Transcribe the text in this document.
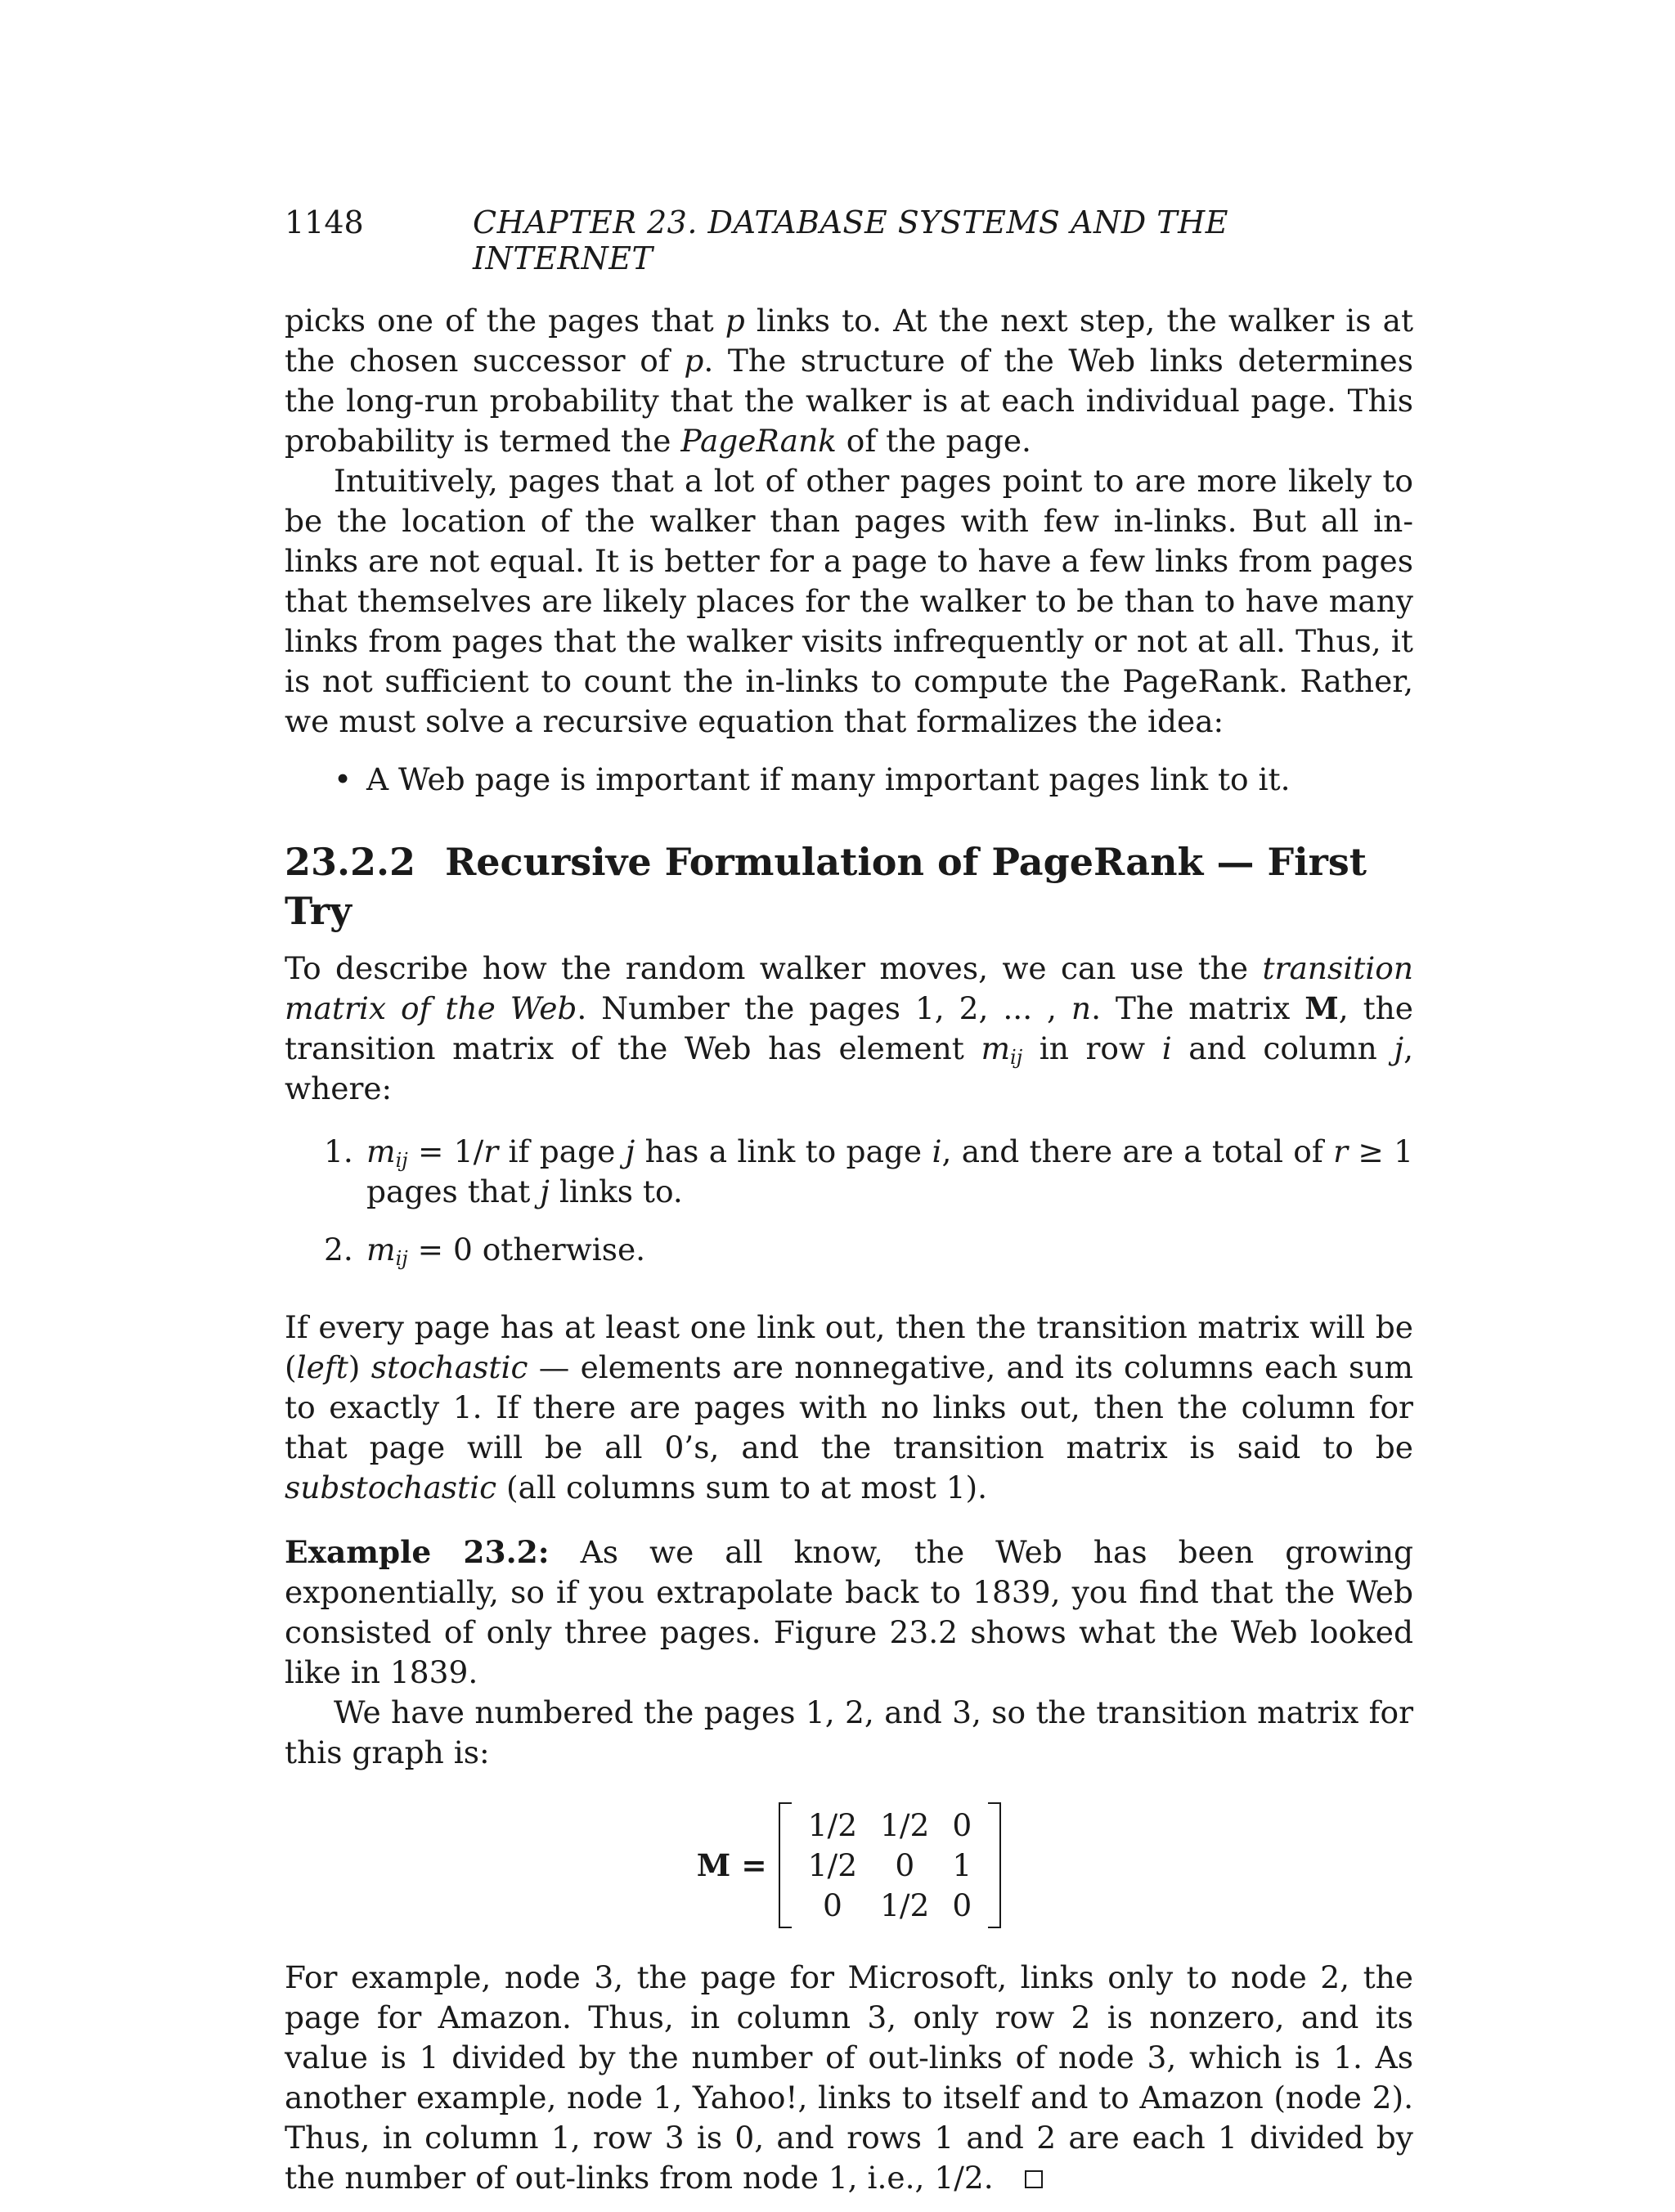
1148	CHAPTER 23. DATABASE SYSTEMS AND THE INTERNET

picks one of the pages that p links to. At the next step, the walker is at the chosen successor of p. The structure of the Web links determines the long-run probability that the walker is at each individual page. This probability is termed the PageRank of the page.

Intuitively, pages that a lot of other pages point to are more likely to be the location of the walker than pages with few in-links. But all in-links are not equal. It is better for a page to have a few links from pages that themselves are likely places for the walker to be than to have many links from pages that the walker visits infrequently or not at all. Thus, it is not sufficient to count the in-links to compute the PageRank. Rather, we must solve a recursive equation that formalizes the idea:

• A Web page is important if many important pages link to it.
23.2.2 Recursive Formulation of PageRank — First Try

To describe how the random walker moves, we can use the transition matrix of the Web. Number the pages 1, 2, ... , n. The matrix M, the transition matrix of the Web has element $m_{ij}$ in row i and column j, where:

1. $m_{ij} = 1/r$ if page j has a link to page i, and there are a total of r ≥ 1 pages that j links to.
2. $m_{ij} = 0$ otherwise.

If every page has at least one link out, then the transition matrix will be (left) stochastic — elements are nonnegative, and its columns each sum to exactly 1. If there are pages with no links out, then the column for that page will be all 0’s, and the transition matrix is said to be substochastic (all columns sum to at most 1).

Example 23.2: As we all know, the Web has been growing exponentially, so if you extrapolate back to 1839, you find that the Web consisted of only three pages. Figure 23.2 shows what the Web looked like in 1839.

We have numbered the pages 1, 2, and 3, so the transition matrix for this graph is:

M =
1/2	1/2	0
1/2	0	1
0	1/2	0

For example, node 3, the page for Microsoft, links only to node 2, the page for Amazon. Thus, in column 3, only row 2 is nonzero, and its value is 1 divided by the number of out-links of node 3, which is 1. As another example, node 1, Yahoo!, links to itself and to Amazon (node 2). Thus, in column 1, row 3 is 0, and rows 1 and 2 are each 1 divided by the number of out-links from node 1, i.e., 1/2.
